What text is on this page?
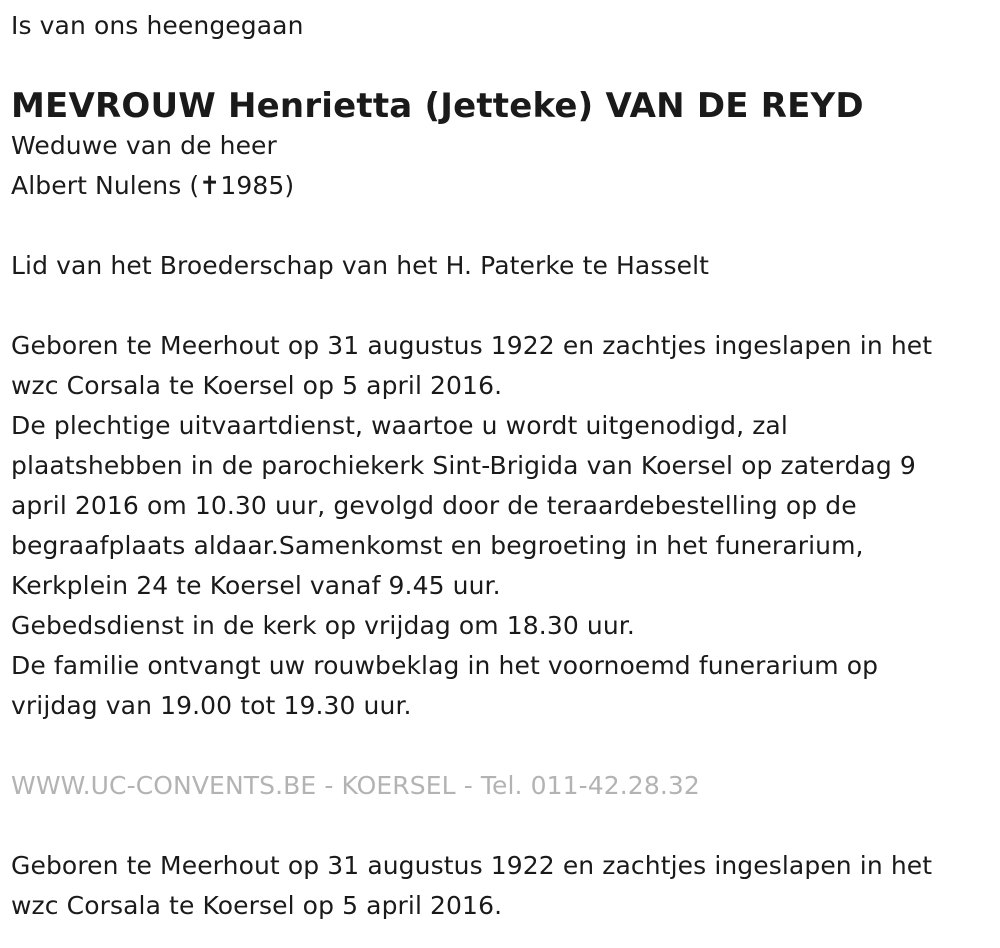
Is van ons heengegaan
MEVROUW Henrietta (Jetteke) VAN DE REYD
Weduwe van de heer
Albert Nulens (✝1985)
Lid van het Broederschap van het H. Paterke te Hasselt
Geboren te Meerhout op 31 augustus 1922 en zachtjes ingeslapen in het
wzc Corsala te Koersel op 5 april 2016.
De plechtige uitvaartdienst, waartoe u wordt uitgenodigd, zal
plaatshebben in de parochiekerk Sint-Brigida van Koersel op zaterdag 9
april 2016 om 10.30 uur, gevolgd door de teraardebestelling op de
begraafplaats aldaar.Samenkomst en begroeting in het funerarium,
Kerkplein 24 te Koersel vanaf 9.45 uur.
Gebedsdienst in de kerk op vrijdag om 18.30 uur.
De familie ontvangt uw rouwbeklag in het voornoemd funerarium op
vrijdag van 19.00 tot 19.30 uur.
WWW.UC-CONVENTS.BE - KOERSEL - Tel. 011-42.28.32
Geboren te Meerhout op 31 augustus 1922 en zachtjes ingeslapen in het
wzc Corsala te Koersel op 5 april 2016.
